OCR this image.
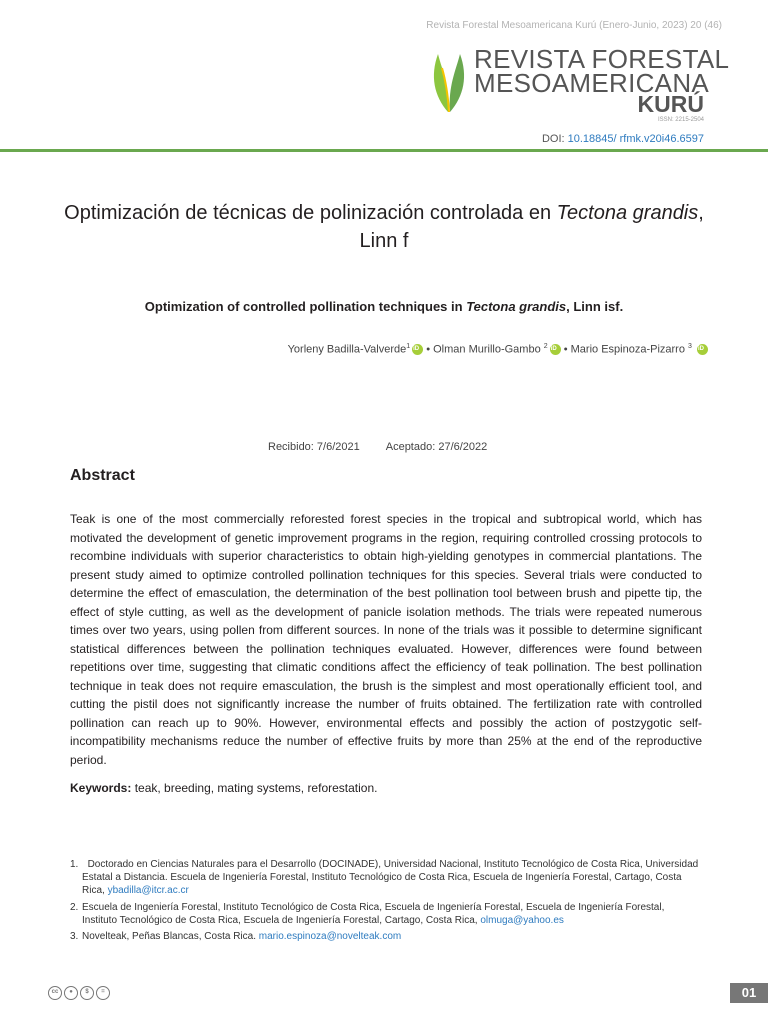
Revista Forestal Mesoamericana Kurú (Enero-Junio, 2023) 20 (46)
REVISTA FORESTAL
MESOAMERICANA
KURÚ
ISSN: 2215-2504
DOI: 10.18845/ rfmk.v20i46.6597
Optimización de técnicas de polinización controlada en Tectona grandis, Linn f
Optimization of controlled pollination techniques in Tectona grandis, Linn isf.
Yorleny Badilla-Valverde$^1$iD • Olman Murillo-Gambo $^2$iD • Mario Espinoza-Pizarro $^3$ iD
Recibido: 7/6/2021 Aceptado: 27/6/2022
Abstract
Teak is one of the most commercially reforested forest species in the tropical and subtropical world, which has motivated the development of genetic improvement programs in the region, requiring controlled crossing protocols to recombine individuals with superior characteristics to obtain high-yielding genotypes in commercial plantations. The present study aimed to optimize controlled pollination techniques for this species. Several trials were conducted to determine the effect of emasculation, the determination of the best pollination tool between brush and pipette tip, the effect of style cutting, as well as the development of panicle isolation methods. The trials were repeated numerous times over two years, using pollen from different sources. In none of the trials was it possible to determine significant statistical differences between the pollination techniques evaluated. However, differences were found between repetitions over time, suggesting that climatic conditions affect the efficiency of teak pollination. The best pollination technique in teak does not require emasculation, the brush is the simplest and most operationally efficient tool, and cutting the pistil does not significantly increase the number of fruits obtained. The fertilization rate with controlled pollination can reach up to 90%. However, environmental effects and possibly the action of postzygotic self-incompatibility mechanisms reduce the number of effective fruits by more than 25% at the end of the reproductive period.
Keywords: teak, breeding, mating systems, reforestation.
1. Doctorado en Ciencias Naturales para el Desarrollo (DOCINADE), Universidad Nacional, Instituto Tecnológico de Costa Rica, Universidad Estatal a Distancia. Escuela de Ingeniería Forestal, Instituto Tecnológico de Costa Rica, Escuela de Ingeniería Forestal, Cartago, Costa Rica, ybadilla@itcr.ac.cr
2. Escuela de Ingeniería Forestal, Instituto Tecnológico de Costa Rica, Escuela de Ingeniería Forestal, Escuela de Ingeniería Forestal, Instituto Tecnológico de Costa Rica, Escuela de Ingeniería Forestal, Cartago, Costa Rica, olmuga@yahoo.es
3. Novelteak, Peñas Blancas, Costa Rica. mario.espinoza@novelteak.com
cc	●	$	=	01
